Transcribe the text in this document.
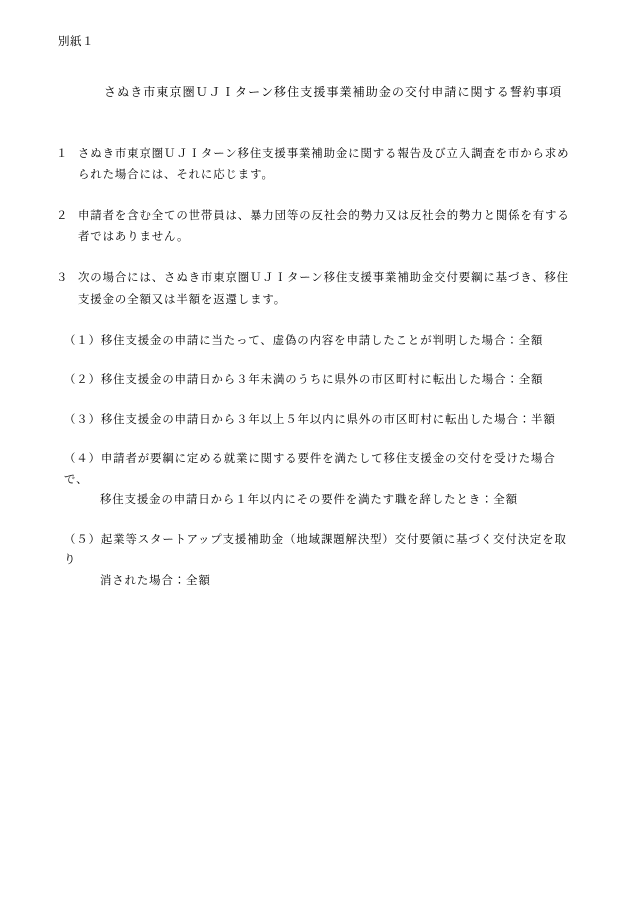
別紙１
さぬき市東京圏ＵＪＩターン移住支援事業補助金の交付申請に関する誓約事項
１ さぬき市東京圏ＵＪＩターン移住支援事業補助金に関する報告及び立入調査を市から求め
られた場合には、それに応じます。
２ 申請者を含む全ての世帯員は、暴力団等の反社会的勢力又は反社会的勢力と関係を有する
者ではありません。
３ 次の場合には、さぬき市東京圏ＵＪＩターン移住支援事業補助金交付要綱に基づき、移住
支援金の全額又は半額を返還します。
（１）移住支援金の申請に当たって、虚偽の内容を申請したことが判明した場合：全額
（２）移住支援金の申請日から３年未満のうちに県外の市区町村に転出した場合：全額
（３）移住支援金の申請日から３年以上５年以内に県外の市区町村に転出した場合：半額
（４）申請者が要綱に定める就業に関する要件を満たして移住支援金の交付を受けた場合で、
移住支援金の申請日から１年以内にその要件を満たす職を辞したとき：全額
（５）起業等スタートアップ支援補助金（地域課題解決型）交付要領に基づく交付決定を取り
消された場合：全額
